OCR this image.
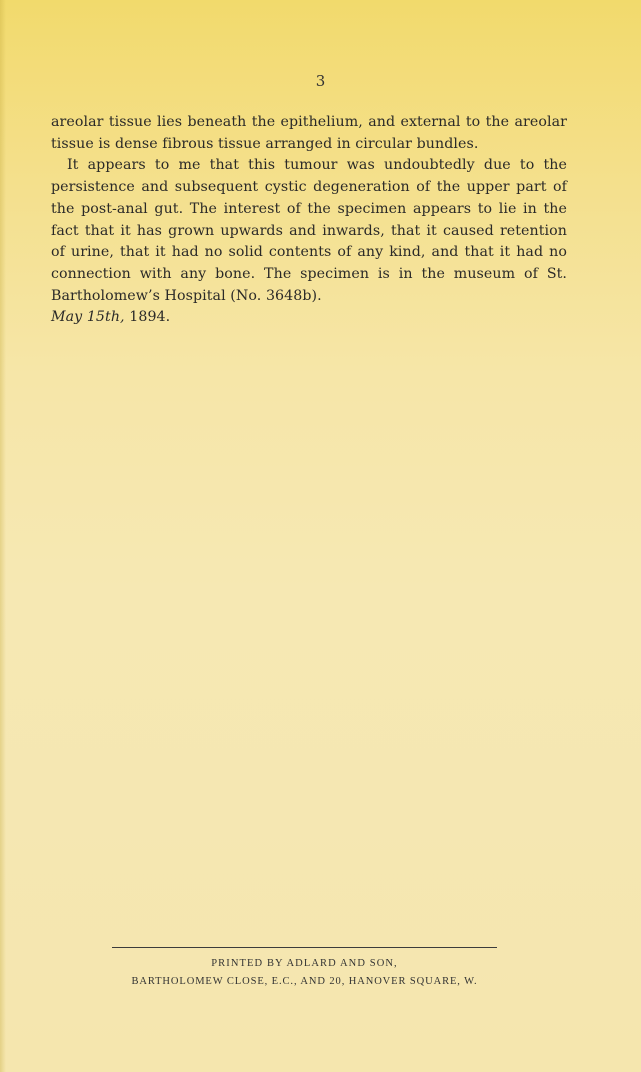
3

areolar tissue lies beneath the epithelium, and external to the areolar tissue is dense fibrous tissue arranged in circular bundles.

It appears to me that this tumour was undoubtedly due to the persistence and subsequent cystic degeneration of the upper part of the post-anal gut. The interest of the specimen appears to lie in the fact that it has grown upwards and inwards, that it caused retention of urine, that it had no solid contents of any kind, and that it had no connection with any bone. The specimen is in the museum of St. Bartholomew’s Hospital (No. 3648b).

May 15th, 1894.

PRINTED BY ADLARD AND SON,
BARTHOLOMEW CLOSE, E.C., AND 20, HANOVER SQUARE, W.
